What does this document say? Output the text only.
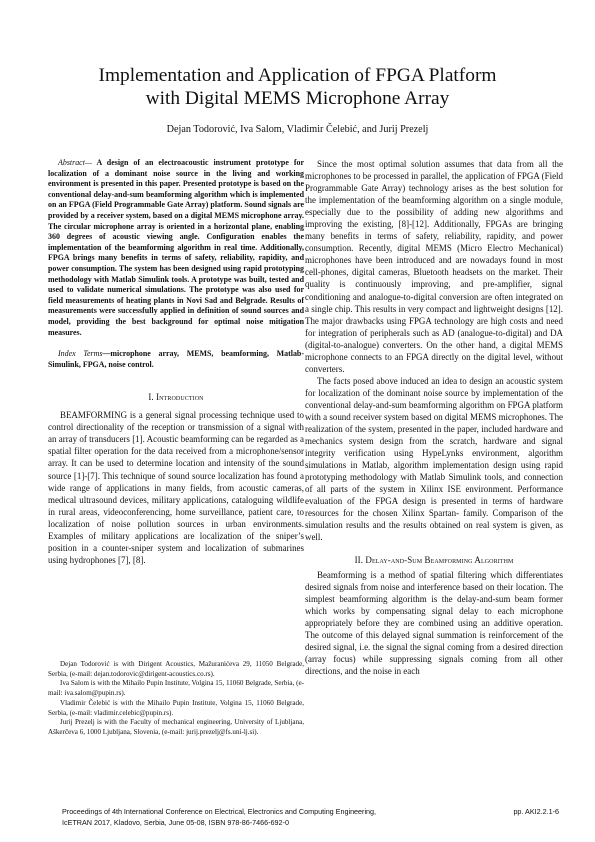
Implementation and Application of FPGA Platform
with Digital MEMS Microphone Array
Dejan Todorović, Iva Salom, Vladimir Čelebić, and Jurij Prezelj

Abstract— A design of an electroacoustic instrument prototype for localization of a dominant noise source in the living and working environment is presented in this paper. Presented prototype is based on the conventional delay-and-sum beamforming algorithm which is implemented on an FPGA (Field Programmable Gate Array) platform. Sound signals are provided by a receiver system, based on a digital MEMS microphone array. The circular microphone array is oriented in a horizontal plane, enabling 360 degrees of acoustic viewing angle. Configuration enables the implementation of the beamforming algorithm in real time. Additionally, FPGA brings many benefits in terms of safety, reliability, rapidity, and power consumption. The system has been designed using rapid prototyping methodology with Matlab Simulink tools. A prototype was built, tested and used to validate numerical simulations. The prototype was also used for field measurements of heating plants in Novi Sad and Belgrade. Results of measurements were successfully applied in definition of sound sources and model, providing the best background for optimal noise mitigation measures.

Index Terms—microphone array, MEMS, beamforming, Matlab-Simulink, FPGA, noise control.

I. Introduction

BEAMFORMING is a general signal processing technique used to control directionality of the reception or transmission of a signal with an array of transducers [1]. Acoustic beamforming can be regarded as a spatial filter operation for the data received from a microphone/sensor array. It can be used to determine location and intensity of the sound source [1]-[7]. This technique of sound source localization has found a wide range of applications in many fields, from acoustic cameras, medical ultrasound devices, military applications, cataloguing wildlife in rural areas, videoconferencing, home surveillance, patient care, to localization of noise pollution sources in urban environments. Examples of military applications are localization of the sniper’s position in a counter-sniper system and localization of submarines using hydrophones [7], [8].

Dejan Todorović is with Dirigent Acoustics, Mažuranićeva 29, 11050 Belgrade, Serbia, (e-mail: dejan.todorovic@dirigent-acoustics.co.rs).

Iva Salom is with the Mihailo Pupin Institute, Volgina 15, 11060 Belgrade, Serbia, (e-mail: iva.salom@pupin.rs).

Vladimir Čelebić is with the Mihailo Pupin Institute, Volgina 15, 11060 Belgrade, Serbia, (e-mail: vladimir.celebic@pupin.rs).

Jurij Prezelj is with the Faculty of mechanical engineering, University of Ljubljana, Aškerčeva 6, 1000 Ljubljana, Slovenia, (e-mail: jurij.prezelj@fs.uni-lj.si).

Since the most optimal solution assumes that data from all the microphones to be processed in parallel, the application of FPGA (Field Programmable Gate Array) technology arises as the best solution for the implementation of the beamforming algorithm on a single module, especially due to the possibility of adding new algorithms and improving the existing, [8]-[12]. Additionally, FPGAs are bringing many benefits in terms of safety, reliability, rapidity, and power consumption. Recently, digital MEMS (Micro Electro Mechanical) microphones have been introduced and are nowadays found in most cell-phones, digital cameras, Bluetooth headsets on the market. Their quality is continuously improving, and pre-amplifier, signal conditioning and analogue-to-digital conversion are often integrated on a single chip. This results in very compact and lightweight designs [12]. The major drawbacks using FPGA technology are high costs and need for integration of peripherals such as AD (analogue-to-digital) and DA (digital-to-analogue) converters. On the other hand, a digital MEMS microphone connects to an FPGA directly on the digital level, without converters.

The facts posed above induced an idea to design an acoustic system for localization of the dominant noise source by implementation of the conventional delay-and-sum beamforming algorithm on FPGA platform with a sound receiver system based on digital MEMS microphones. The realization of the system, presented in the paper, included hardware and mechanics system design from the scratch, hardware and signal integrity verification using HypeLynks environment, algorithm simulations in Matlab, algorithm implementation design using rapid prototyping methodology with Matlab Simulink tools, and connection of all parts of the system in Xilinx ISE environment. Performance evaluation of the FPGA design is presented in terms of hardware resources for the chosen Xilinx Spartan- family. Comparison of the simulation results and the results obtained on real system is given, as well.

II. Delay-and-Sum Beamforming Algorithm

Beamforming is a method of spatial filtering which differentiates desired signals from noise and interference based on their location. The simplest beamforming algorithm is the delay-and-sum beam former which works by compensating signal delay to each microphone appropriately before they are combined using an additive operation. The outcome of this delayed signal summation is reinforcement of the desired signal, i.e. the signal the signal coming from a desired direction (array focus) while suppressing signals coming from all other directions, and the noise in each

Proceedings of 4th International Conference on Electrical, Electronics and Computing Engineering,
IcETRAN 2017, Kladovo, Serbia, June 05-08, ISBN 978-86-7466-692-0
pp. AKI2.2.1-6
